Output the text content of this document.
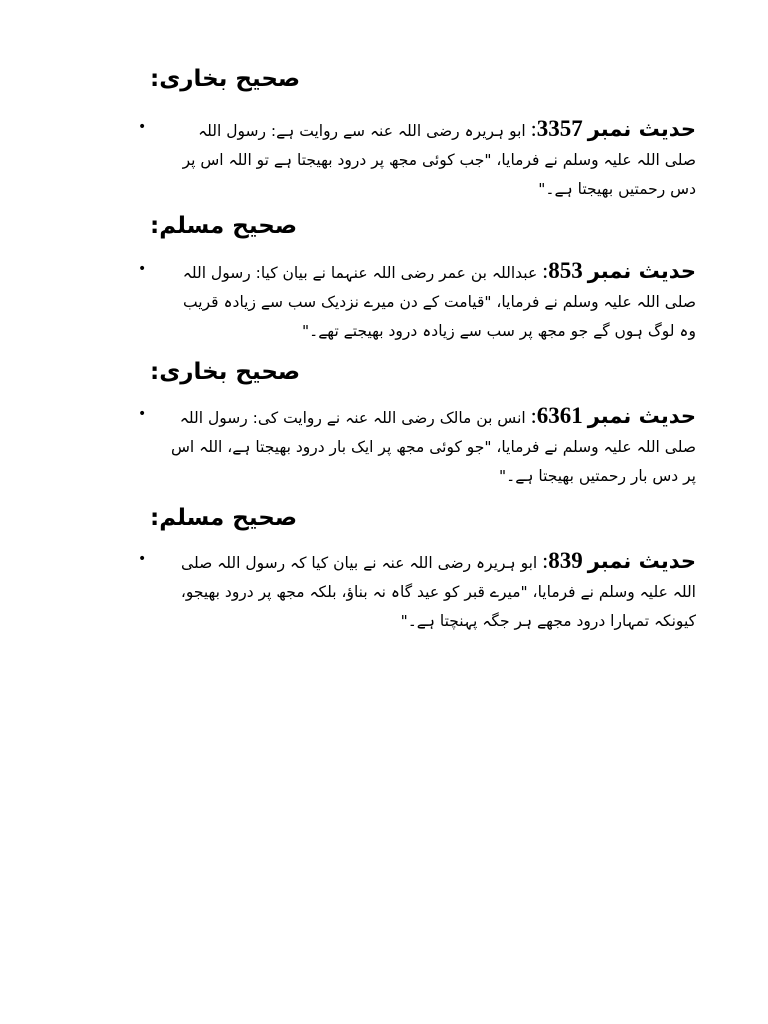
صحیح بخاری:
•	حدیث نمبر 3357: ابو ہریرہ رضی اللہ عنہ سے روایت ہے: رسول اللہ صلی اللہ علیہ وسلم نے فرمایا، "جب کوئی مجھ پر درود بھیجتا ہے تو اللہ اس پر دس رحمتیں بھیجتا ہے۔"
صحیح مسلم:
•	حدیث نمبر 853: عبداللہ بن عمر رضی اللہ عنہما نے بیان کیا: رسول اللہ صلی اللہ علیہ وسلم نے فرمایا، "قیامت کے دن میرے نزدیک سب سے زیادہ قریب وہ لوگ ہوں گے جو مجھ پر سب سے زیادہ درود بھیجتے تھے۔"
صحیح بخاری:
•	حدیث نمبر 6361: انس بن مالک رضی اللہ عنہ نے روایت کی: رسول اللہ صلی اللہ علیہ وسلم نے فرمایا، "جو کوئی مجھ پر ایک بار درود بھیجتا ہے، اللہ اس پر دس بار رحمتیں بھیجتا ہے۔"
صحیح مسلم:
•	حدیث نمبر 839: ابو ہریرہ رضی اللہ عنہ نے بیان کیا کہ رسول اللہ صلی اللہ علیہ وسلم نے فرمایا، "میرے قبر کو عید گاہ نہ بناؤ، بلکہ مجھ پر درود بھیجو، کیونکہ تمہارا درود مجھے ہر جگہ پہنچتا ہے۔"
